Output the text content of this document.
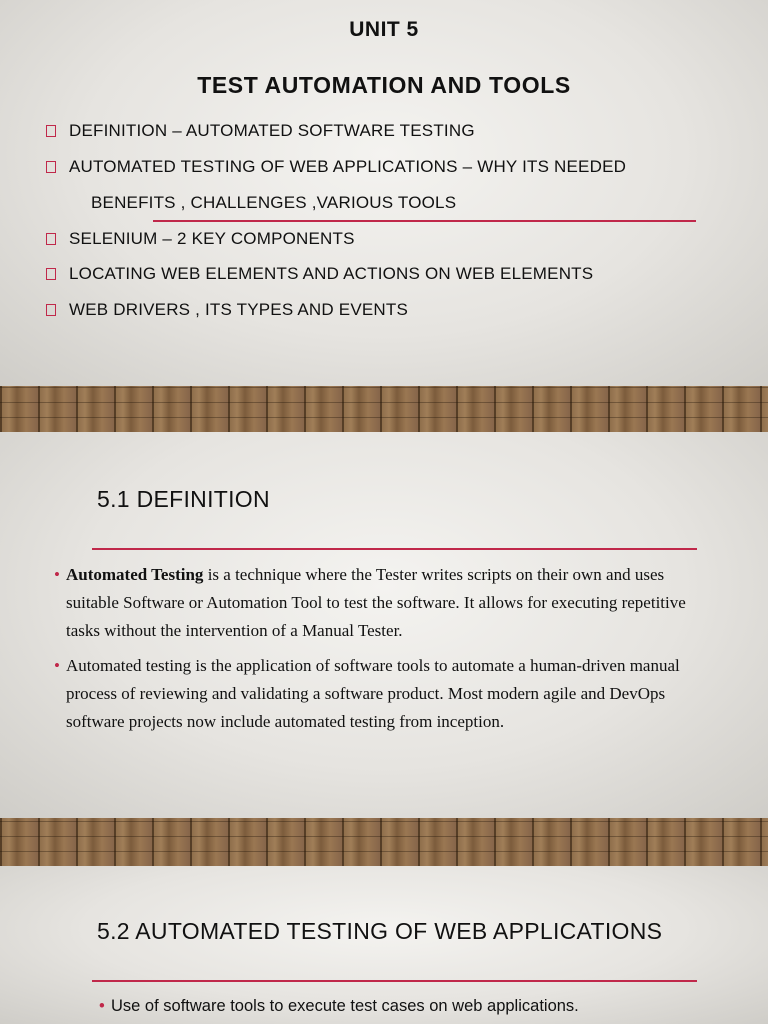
UNIT 5
TEST AUTOMATION AND TOOLS
DEFINITION – AUTOMATED SOFTWARE TESTING
AUTOMATED TESTING OF WEB APPLICATIONS – WHY ITS NEEDED
BENEFITS , CHALLENGES ,VARIOUS TOOLS
SELENIUM – 2 KEY COMPONENTS
LOCATING WEB ELEMENTS AND ACTIONS ON WEB ELEMENTS
WEB DRIVERS , ITS TYPES AND EVENTS
5.1 DEFINITION
• Automated Testing is a technique where the Tester writes scripts on their own and uses suitable Software or Automation Tool to test the software. It allows for executing repetitive tasks without the intervention of a Manual Tester.
• Automated testing is the application of software tools to automate a human-driven manual process of reviewing and validating a software product. Most modern agile and DevOps software projects now include automated testing from inception.
5.2 AUTOMATED TESTING OF WEB APPLICATIONS
• Use of software tools to execute test cases on web applications.
